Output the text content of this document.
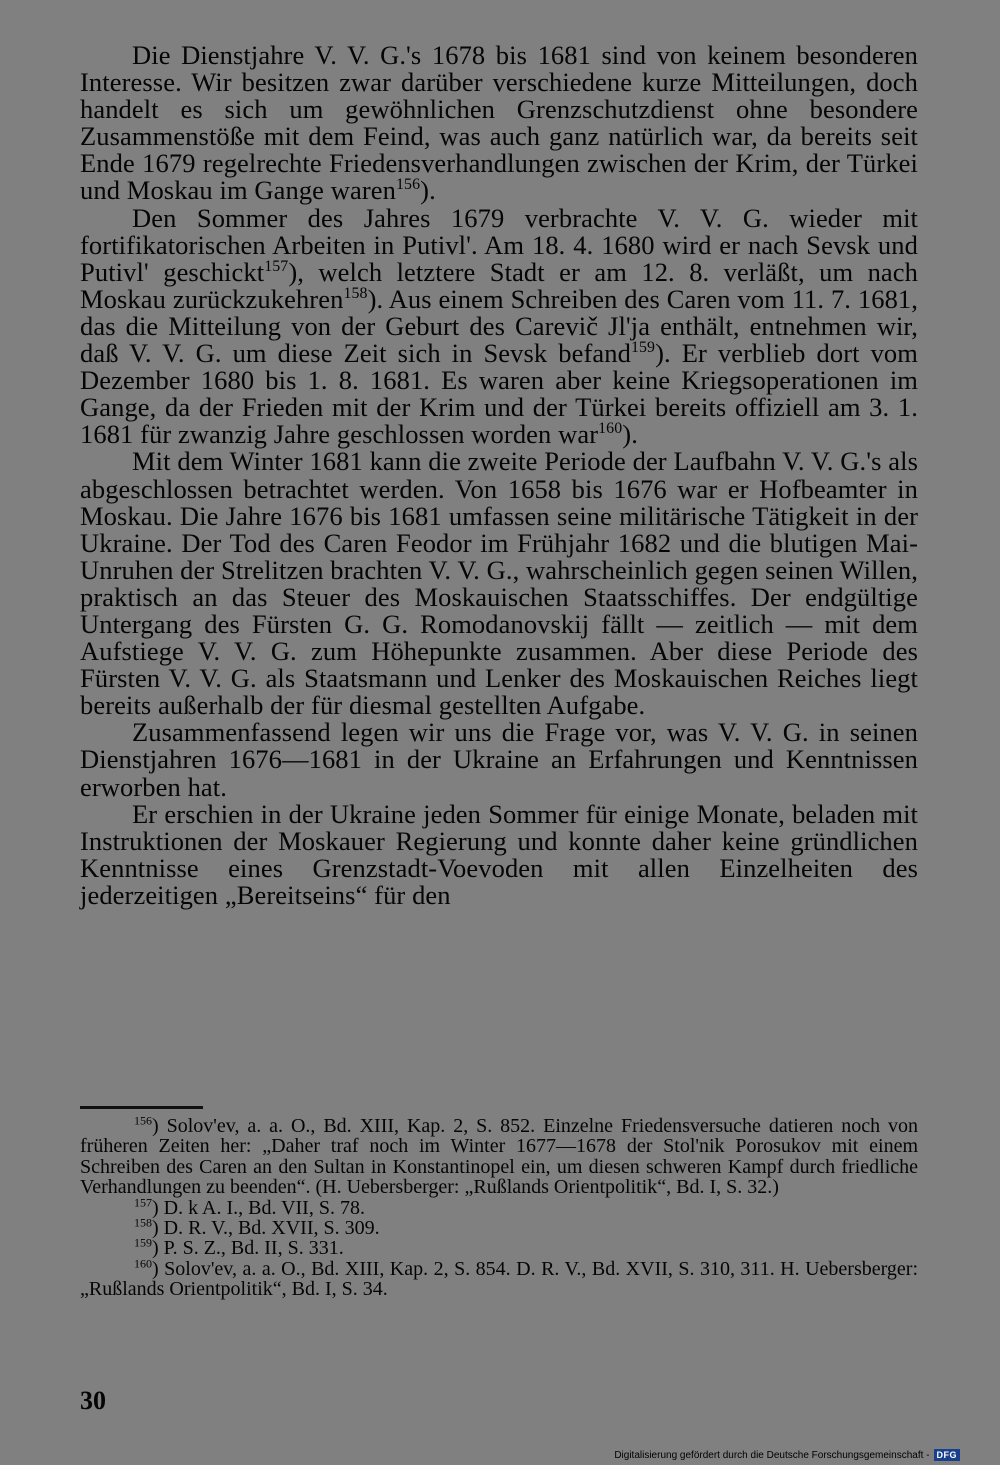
Die Dienstjahre V. V. G.'s 1678 bis 1681 sind von keinem besonderen Interesse. Wir besitzen zwar darüber verschiedene kurze Mitteilungen, doch handelt es sich um gewöhnlichen Grenzschutzdienst ohne besondere Zusammenstöße mit dem Feind, was auch ganz natürlich war, da bereits seit Ende 1679 regelrechte Friedensverhandlungen zwischen der Krim, der Türkei und Moskau im Gange waren$^{156}$).

Den Sommer des Jahres 1679 verbrachte V. V. G. wieder mit fortifikatorischen Arbeiten in Putivl'. Am 18. 4. 1680 wird er nach Sevsk und Putivl' geschickt$^{157}$), welch letztere Stadt er am 12. 8. verläßt, um nach Moskau zurückzukehren$^{158}$). Aus einem Schreiben des Caren vom 11. 7. 1681, das die Mitteilung von der Geburt des Carevič Jl'ja enthält, entnehmen wir, daß V. V. G. um diese Zeit sich in Sevsk befand$^{159}$). Er verblieb dort vom Dezember 1680 bis 1. 8. 1681. Es waren aber keine Kriegsoperationen im Gange, da der Frieden mit der Krim und der Türkei bereits offiziell am 3. 1. 1681 für zwanzig Jahre geschlossen worden war$^{160}$).

Mit dem Winter 1681 kann die zweite Periode der Laufbahn V. V. G.'s als abgeschlossen betrachtet werden. Von 1658 bis 1676 war er Hofbeamter in Moskau. Die Jahre 1676 bis 1681 umfassen seine militärische Tätigkeit in der Ukraine. Der Tod des Caren Feodor im Frühjahr 1682 und die blutigen Mai-Unruhen der Strelitzen brachten V. V. G., wahrscheinlich gegen seinen Willen, praktisch an das Steuer des Moskauischen Staatsschiffes. Der endgültige Untergang des Fürsten G. G. Romodanovskij fällt — zeitlich — mit dem Aufstiege V. V. G. zum Höhepunkte zusammen. Aber diese Periode des Fürsten V. V. G. als Staatsmann und Lenker des Moskauischen Reiches liegt bereits außerhalb der für diesmal gestellten Aufgabe.

Zusammenfassend legen wir uns die Frage vor, was V. V. G. in seinen Dienstjahren 1676—1681 in der Ukraine an Erfahrungen und Kenntnissen erworben hat.

Er erschien in der Ukraine jeden Sommer für einige Monate, beladen mit Instruktionen der Moskauer Regierung und konnte daher keine gründlichen Kenntnisse eines Grenzstadt-Voevoden mit allen Einzelheiten des jederzeitigen „Bereitseins“ für den

$^{156}$) Solov'ev, a. a. O., Bd. XIII, Kap. 2, S. 852. Einzelne Friedensversuche datieren noch von früheren Zeiten her: „Daher traf noch im Winter 1677—1678 der Stol'nik Porosukov mit einem Schreiben des Caren an den Sultan in Konstantinopel ein, um diesen schweren Kampf durch friedliche Verhandlungen zu beenden“. (H. Uebersberger: „Rußlands Orientpolitik“, Bd. I, S. 32.)

$^{157}$) D. k A. I., Bd. VII, S. 78.

$^{158}$) D. R. V., Bd. XVII, S. 309.

$^{159}$) P. S. Z., Bd. II, S. 331.

$^{160}$) Solov'ev, a. a. O., Bd. XIII, Kap. 2, S. 854. D. R. V., Bd. XVII, S. 310, 311. H. Uebersberger: „Rußlands Orientpolitik“, Bd. I, S. 34.

30
Digitalisierung gefördert durch die Deutsche Forschungsgemeinschaft - DFG
